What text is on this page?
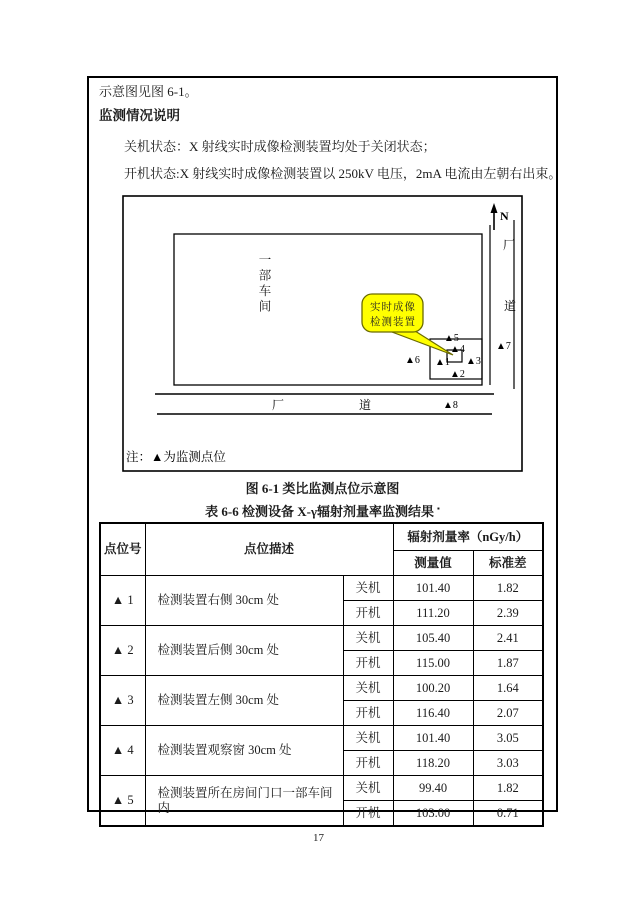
示意图见图 6-1。
监测情况说明
关机状态：X 射线实时成像检测装置均处于关闭状态；
开机状态:X 射线实时成像检测装置以 250kV 电压，2mA 电流由左朝右出束。
N
厂
道
厂	道
▲1
▲2
▲3
▲4
▲5
▲6
▲7
▲8
实时成像
检测装置
注：▲为监测点位
一部车间
图 6-1 类比监测点位示意图
表 6-6 检测设备 X-γ辐射剂量率监测结果 ▪
点位号	点位描述		辐射剂量率（nGy/h）	
			测量值	标准差
▲ 1	检测装置右侧 30cm 处	关机	101.40	1.82
		开机	111.20	2.39
▲ 2	检测装置后侧 30cm 处	关机	105.40	2.41
		开机	115.00	1.87
▲ 3	检测装置左侧 30cm 处	关机	100.20	1.64
		开机	116.40	2.07
▲ 4	检测装置观察窗 30cm 处	关机	101.40	3.05
		开机	118.20	3.03
▲ 5	检测装置所在房间门口一部车间内	关机	99.40	1.82
		开机	103.00	0.71
17
